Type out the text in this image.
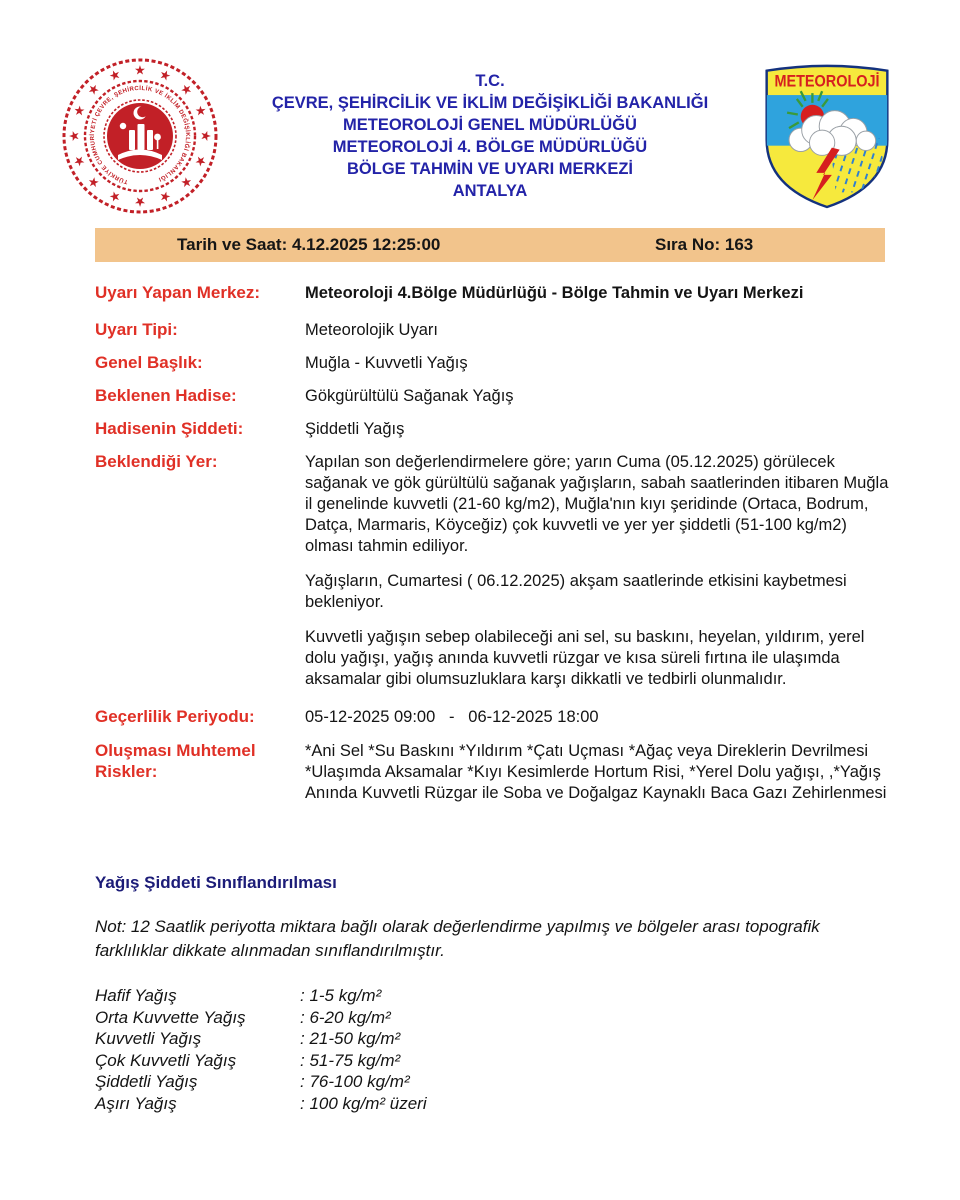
★ ★
★
★
★
★
★
★
★
★
★
★
★
★
★
★
TÜRKİYE CUMHURİYETİ ÇEVRE, ŞEHİRCİLİK VE İKLİM DEĞİŞİKLİĞİ BAKANLIĞI
T.C.
ÇEVRE, ŞEHİRCİLİK VE İKLİM DEĞİŞİKLİĞİ BAKANLIĞI
METEOROLOJİ GENEL MÜDÜRLÜĞÜ
METEOROLOJİ 4. BÖLGE MÜDÜRLÜĞÜ
BÖLGE TAHMİN VE UYARI MERKEZİ
ANTALYA
METEOROLOJİ
Tarih ve Saat: 4.12.2025 12:25:00	Sıra No: 163
Uyarı Yapan Merkez:	Meteoroloji 4.Bölge Müdürlüğü - Bölge Tahmin ve Uyarı Merkezi
Uyarı Tipi:	Meteorolojik Uyarı
Genel Başlık:	Muğla - Kuvvetli Yağış
Beklenen Hadise:	Gökgürültülü Sağanak Yağış
Hadisenin Şiddeti:	Şiddetli Yağış
Beklendiği Yer:	Yapılan son değerlendirmelere göre; yarın Cuma (05.12.2025) görülecek sağanak ve gök gürültülü sağanak yağışların, sabah saatlerinden itibaren Muğla il genelinde kuvvetli (21-60 kg/m2), Muğla'nın kıyı şeridinde (Ortaca, Bodrum, Datça, Marmaris, Köyceğiz) çok kuvvetli ve yer yer şiddetli (51-100 kg/m2) olması tahmin ediliyor.

Yağışların, Cumartesi ( 06.12.2025) akşam saatlerinde etkisini kaybetmesi bekleniyor.

Kuvvetli yağışın sebep olabileceği ani sel, su baskını, heyelan, yıldırım, yerel dolu yağışı, yağış anında kuvvetli rüzgar ve kısa süreli fırtına ile ulaşımda aksamalar gibi olumsuzluklara karşı dikkatli ve tedbirli olunmalıdır.

Geçerlilik Periyodu:	05-12-2025 09:00   -   06-12-2025 18:00
Oluşması Muhtemel Riskler:
*Ani Sel *Su Baskını *Yıldırım *Çatı Uçması *Ağaç veya Direklerin Devrilmesi *Ulaşımda Aksamalar *Kıyı Kesimlerde Hortum Risi, *Yerel Dolu yağışı, ,*Yağış Anında Kuvvetli Rüzgar ile Soba ve Doğalgaz Kaynaklı Baca Gazı Zehirlenmesi
Yağış Şiddeti Sınıflandırılması
Not: 12 Saatlik periyotta miktara bağlı olarak değerlendirme yapılmış ve bölgeler arası topografik farklılıklar dikkate alınmadan sınıflandırılmıştır.
Hafif Yağış	: 1-5 kg/m²
Orta Kuvvette Yağış	: 6-20 kg/m²
Kuvvetli Yağış	: 21-50 kg/m²
Çok Kuvvetli Yağış	: 51-75 kg/m²
Şiddetli Yağış	: 76-100 kg/m²
Aşırı Yağış	: 100 kg/m² üzeri
